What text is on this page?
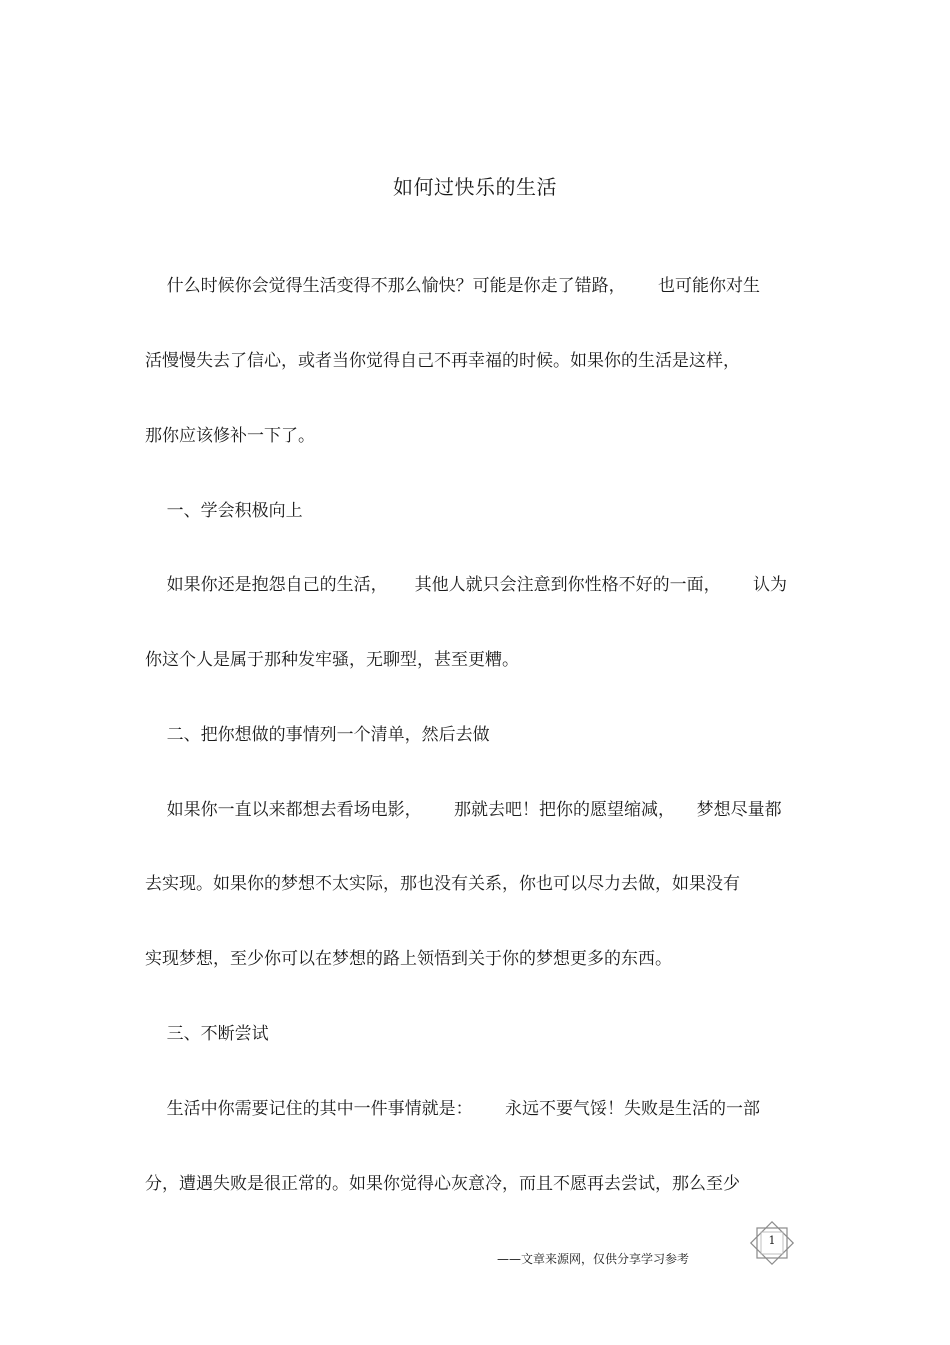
如何过快乐的生活
什么时候你会觉得生活变得不那么愉快？可能是你走了错路，      也可能你对生
活慢慢失去了信心，或者当你觉得自己不再幸福的时候。如果你的生活是这样，
那你应该修补一下了。
一、学会积极向上
如果你还是抱怨自己的生活，     其他人就只会注意到你性格不好的一面，      认为
你这个人是属于那种发牢骚，无聊型，甚至更糟。
二、把你想做的事情列一个清单，然后去做
如果你一直以来都想去看场电影，      那就去吧！把你的愿望缩减，    梦想尽量都
去实现。如果你的梦想不太实际，那也没有关系，你也可以尽力去做，如果没有
实现梦想，至少你可以在梦想的路上领悟到关于你的梦想更多的东西。
三、不断尝试
生活中你需要记住的其中一件事情就是：      永远不要气馁！失败是生活的一部
分，遭遇失败是很正常的。如果你觉得心灰意冷，而且不愿再去尝试，那么至少
1
——文章来源网，仅供分享学习参考
